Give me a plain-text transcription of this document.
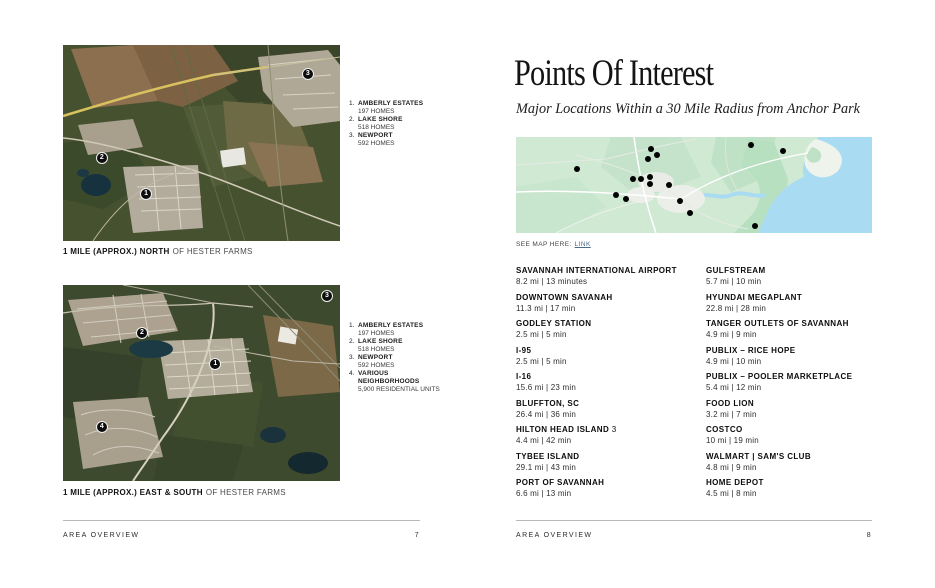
1
2
3
1. AMBERLY ESTATES
197 HOMES
2. LAKE SHORE
518 HOMES
3. NEWPORT
592 HOMES
1 MILE (APPROX.) NORTH OF HESTER FARMS
1
2
3
4
1. AMBERLY ESTATES
197 HOMES
2. LAKE SHORE
518 HOMES
3. NEWPORT
592 HOMES
4. VARIOUS NEIGHBORHOODS
5,900 RESIDENTIAL UNITS
1 MILE (APPROX.) EAST & SOUTH OF HESTER FARMS
AREA OVERVIEW	7
Points Of Interest
Major Locations Within a 30 Mile Radius from Anchor Park
SEE MAP HERE: LINK
SAVANNAH INTERNATIONAL AIRPORT
8.2 mi | 13 minutes
DOWNTOWN SAVANAH
11.3 mi | 17 min
GODLEY STATION
2.5 mi | 5 min
I-95
2.5 mi | 5 min
I-16
15.6 mi | 23 min
BLUFFTON, SC
26.4 mi | 36 min
HILTON HEAD ISLAND 3
4.4 mi | 42 min
TYBEE ISLAND
29.1 mi | 43 min
PORT OF SAVANNAH
6.6 mi | 13 min
GULFSTREAM
5.7 mi | 10 min
HYUNDAI MEGAPLANT
22.8 mi | 28 min
TANGER OUTLETS OF SAVANNAH
4.9 mi | 9 min
PUBLIX – RICE HOPE
4.9 mi | 10 min
PUBLIX – POOLER MARKETPLACE
5.4 mi | 12 min
FOOD LION
3.2 mi | 7 min
COSTCO
10 mi | 19 min
WALMART | SAM'S CLUB
4.8 mi | 9 min
HOME DEPOT
4.5 mi | 8 min
AREA OVERVIEW	8
